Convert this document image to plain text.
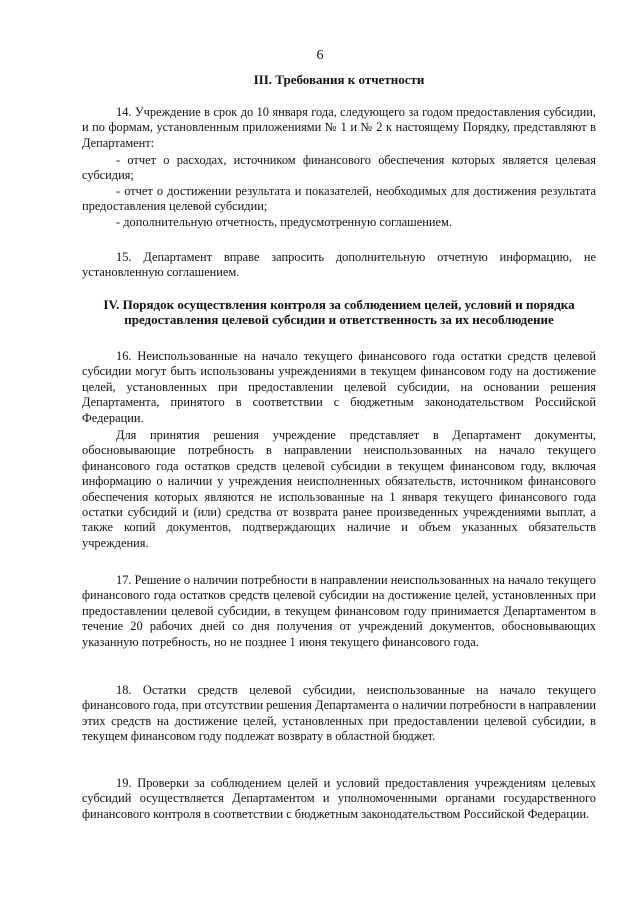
6

III. Требования к отчетности

14. Учреждение в срок до 10 января года, следующего за годом предоставления субсидии, и по формам, установленным приложениями № 1 и № 2 к настоящему Порядку, представляют в Департамент:

- отчет о расходах, источником финансового обеспечения которых является целевая субсидия;

- отчет о достижении результата и показателей, необходимых для достижения результата предоставления целевой субсидии;

- дополнительную отчетность, предусмотренную соглашением.

15. Департамент вправе запросить дополнительную отчетную информацию, не установленную соглашением.

IV. Порядок осуществления контроля за соблюдением целей, условий и порядка предоставления целевой субсидии и ответственность за их несоблюдение

16. Неиспользованные на начало текущего финансового года остатки средств целевой субсидии могут быть использованы учреждениями в текущем финансовом году на достижение целей, установленных при предоставлении целевой субсидии, на основании решения Департамента, принятого в соответствии с бюджетным законодательством Российской Федерации.

Для принятия решения учреждение представляет в Департамент документы, обосновывающие потребность в направлении неиспользованных на начало текущего финансового года остатков средств целевой субсидии в текущем финансовом году, включая информацию о наличии у учреждения неисполненных обязательств, источником финансового обеспечения которых являются не использованные на 1 января текущего финансового года остатки субсидий и (или) средства от возврата ранее произведенных учреждениями выплат, а также копий документов, подтверждающих наличие и объем указанных обязательств учреждения.

17. Решение о наличии потребности в направлении неиспользованных на начало текущего финансового года остатков средств целевой субсидии на достижение целей, установленных при предоставлении целевой субсидии, в текущем финансовом году принимается Департаментом в течение 20 рабочих дней со дня получения от учреждений документов, обосновывающих указанную потребность, но не позднее 1 июня текущего финансового года.

18. Остатки средств целевой субсидии, неиспользованные на начало текущего финансового года, при отсутствии решения Департамента о наличии потребности в направлении этих средств на достижение целей, установленных при предоставлении целевой субсидии, в текущем финансовом году подлежат возврату в областной бюджет.

19. Проверки за соблюдением целей и условий предоставления учреждениям целевых субсидий осуществляется Департаментом и уполномоченными органами государственного финансового контроля в соответствии с бюджетным законодательством Российской Федерации.
